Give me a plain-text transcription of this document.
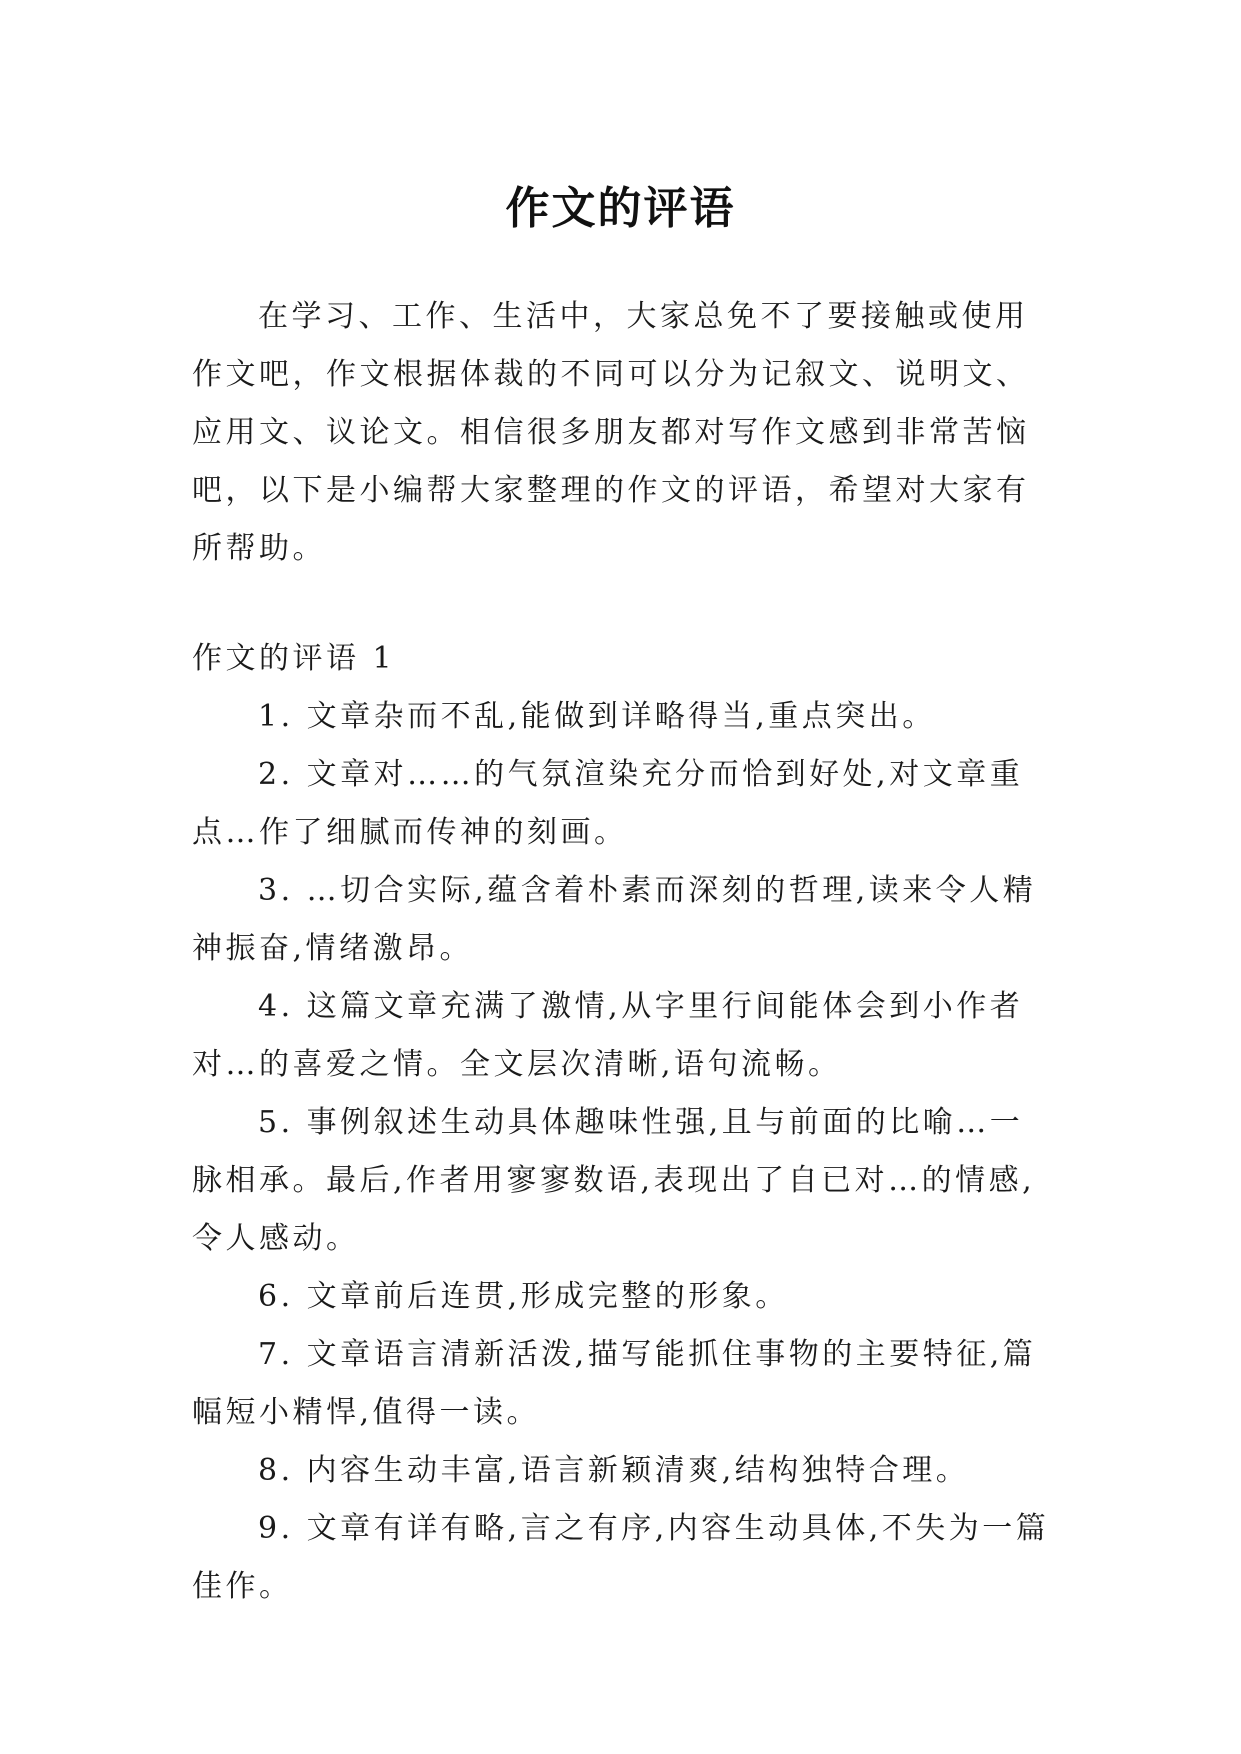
作文的评语

在学习、工作、生活中，大家总免不了要接触或使用作文吧，作文根据体裁的不同可以分为记叙文、说明文、应用文、议论文。相信很多朋友都对写作文感到非常苦恼吧，以下是小编帮大家整理的作文的评语，希望对大家有所帮助。

作文的评语 1

1. 文章杂而不乱,能做到详略得当,重点突出。
2. 文章对……的气氛渲染充分而恰到好处,对文章重点…作了细腻而传神的刻画。
3. …切合实际,蕴含着朴素而深刻的哲理,读来令人精神振奋,情绪激昂。
4. 这篇文章充满了激情,从字里行间能体会到小作者对…的喜爱之情。全文层次清晰,语句流畅。
5. 事例叙述生动具体趣味性强,且与前面的比喻…一脉相承。最后,作者用寥寥数语,表现出了自已对…的情感,令人感动。
6. 文章前后连贯,形成完整的形象。
7. 文章语言清新活泼,描写能抓住事物的主要特征,篇幅短小精悍,值得一读。
8. 内容生动丰富,语言新颖清爽,结构独特合理。
9. 文章有详有略,言之有序,内容生动具体,不失为一篇佳作。
